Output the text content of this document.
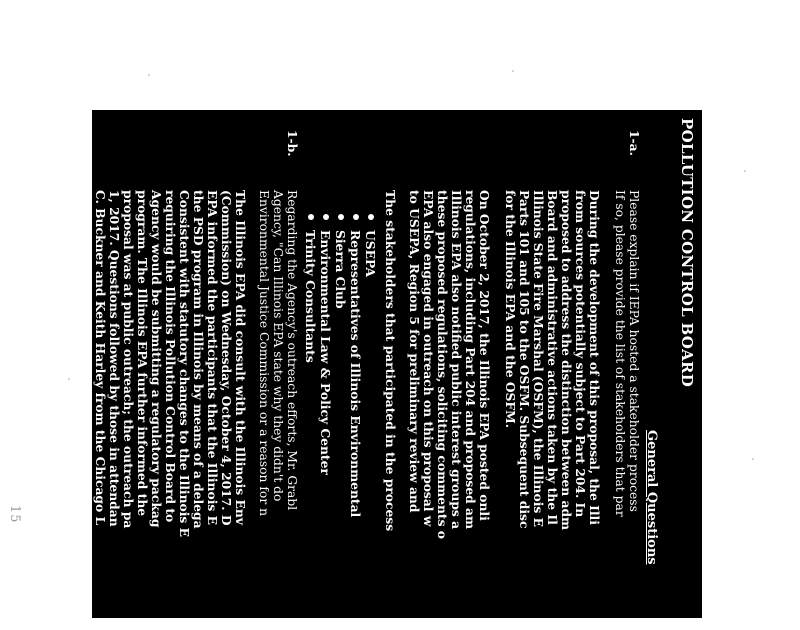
15
POLLUTION CONTROL BOARD
General Questions
1-a.
Please explain if IEPA hosted a stakeholder process
If so, please provide the list of stakeholders that par
During the development of this proposal, the Illi
from sources potentially subject to Part 204. In
proposed to address the distinction between adm
Board and administrative actions taken by the Il
Illinois State Fire Marshal (OSFM), the Illinois E
Parts 101 and 105 to the OSFM. Subsequent disc
for the Illinois EPA and the OSFM.
On October 2, 2017, the Illinois EPA posted onli
regulations, including Part 204 and proposed am
Illinois EPA also notified public interest groups a
these proposed regulations, soliciting comments o
EPA also engaged in outreach on this proposal w
to USEPA, Region 5 for preliminary review and
The stakeholders that participated in the process
USEPA
Representatives of Illinois Environmental
Sierra Club
Environmental Law & Policy Center
Trinity Consultants
1-b.
Regarding the Agency's outreach efforts, Mr. Grabl
Agency, "Can Illinois EPA state why they didn't do
Environmental Justice Commission or a reason for n
The Illinois EPA did consult with the Illinois Env
(Commission) on Wednesday, October 4, 2017. D
EPA informed the participants that the Illinois E
the PSD program in Illinois by means of a delega
Consistent with statutory changes to the Illinois E
requiring the Illinois Pollution Control Board to
Agency would be submitting a regulatory packag
program. The Illinois EPA further informed the
proposal was at public outreach; the outreach pa
1, 2017. Questions followed by those in attendan
C. Buckner and Keith Harley from the Chicago L
that represents CARE, regarding the related cha
